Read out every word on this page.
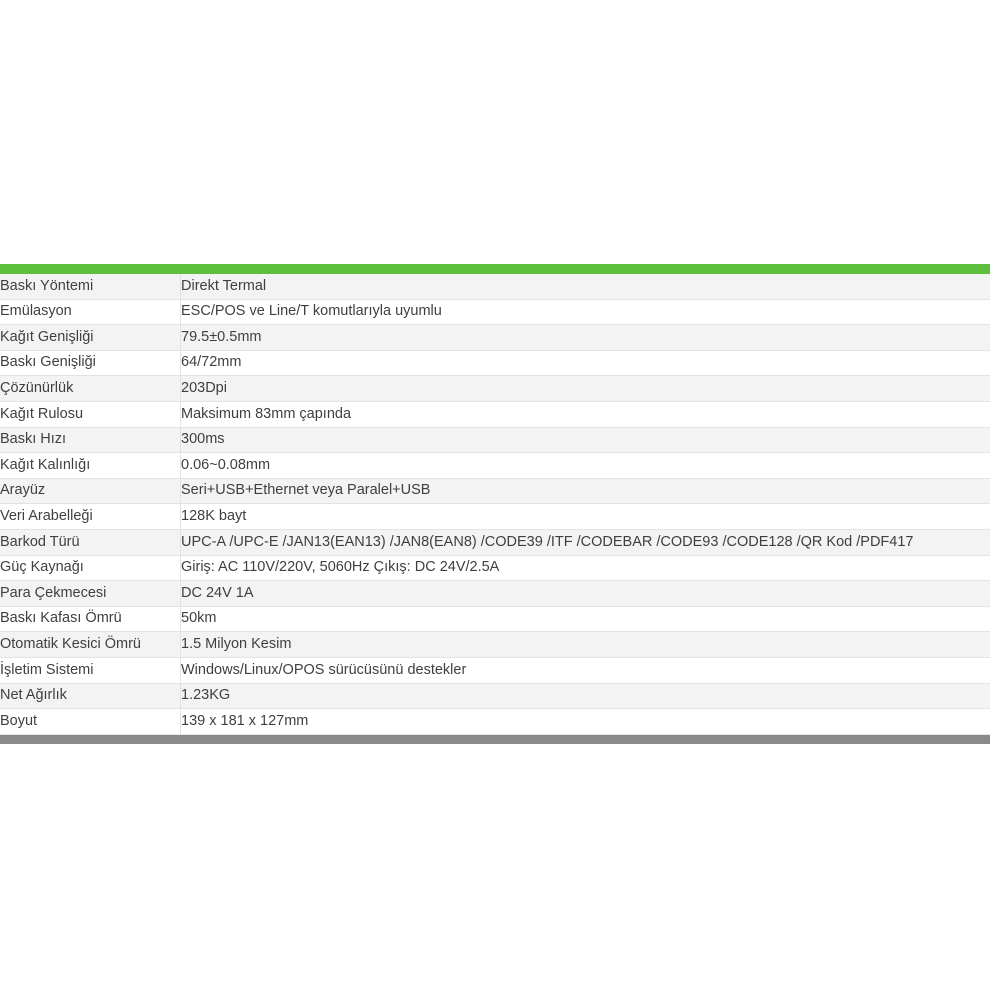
Baskı Yöntemi	Direkt Termal
Emülasyon	ESC/POS ve Line/T komutlarıyla uyumlu
Kağıt Genişliği	79.5±0.5mm
Baskı Genişliği	64/72mm
Çözünürlük	203Dpi
Kağıt Rulosu	Maksimum 83mm çapında
Baskı Hızı	300ms
Kağıt Kalınlığı	0.06~0.08mm
Arayüz	Seri+USB+Ethernet veya Paralel+USB
Veri Arabelleği	128K bayt
Barkod Türü	UPC-A /UPC-E /JAN13(EAN13) /JAN8(EAN8) /CODE39 /ITF /CODEBAR /CODE93 /CODE128 /QR Kod /PDF417
Güç Kaynağı	Giriş: AC 110V/220V, 5060Hz Çıkış: DC 24V/2.5A
Para Çekmecesi	DC 24V 1A
Baskı Kafası Ömrü	50km
Otomatik Kesici Ömrü	1.5 Milyon Kesim
İşletim Sistemi	Windows/Linux/OPOS sürücüsünü destekler
Net Ağırlık	1.23KG
Boyut	139 x 181 x 127mm
